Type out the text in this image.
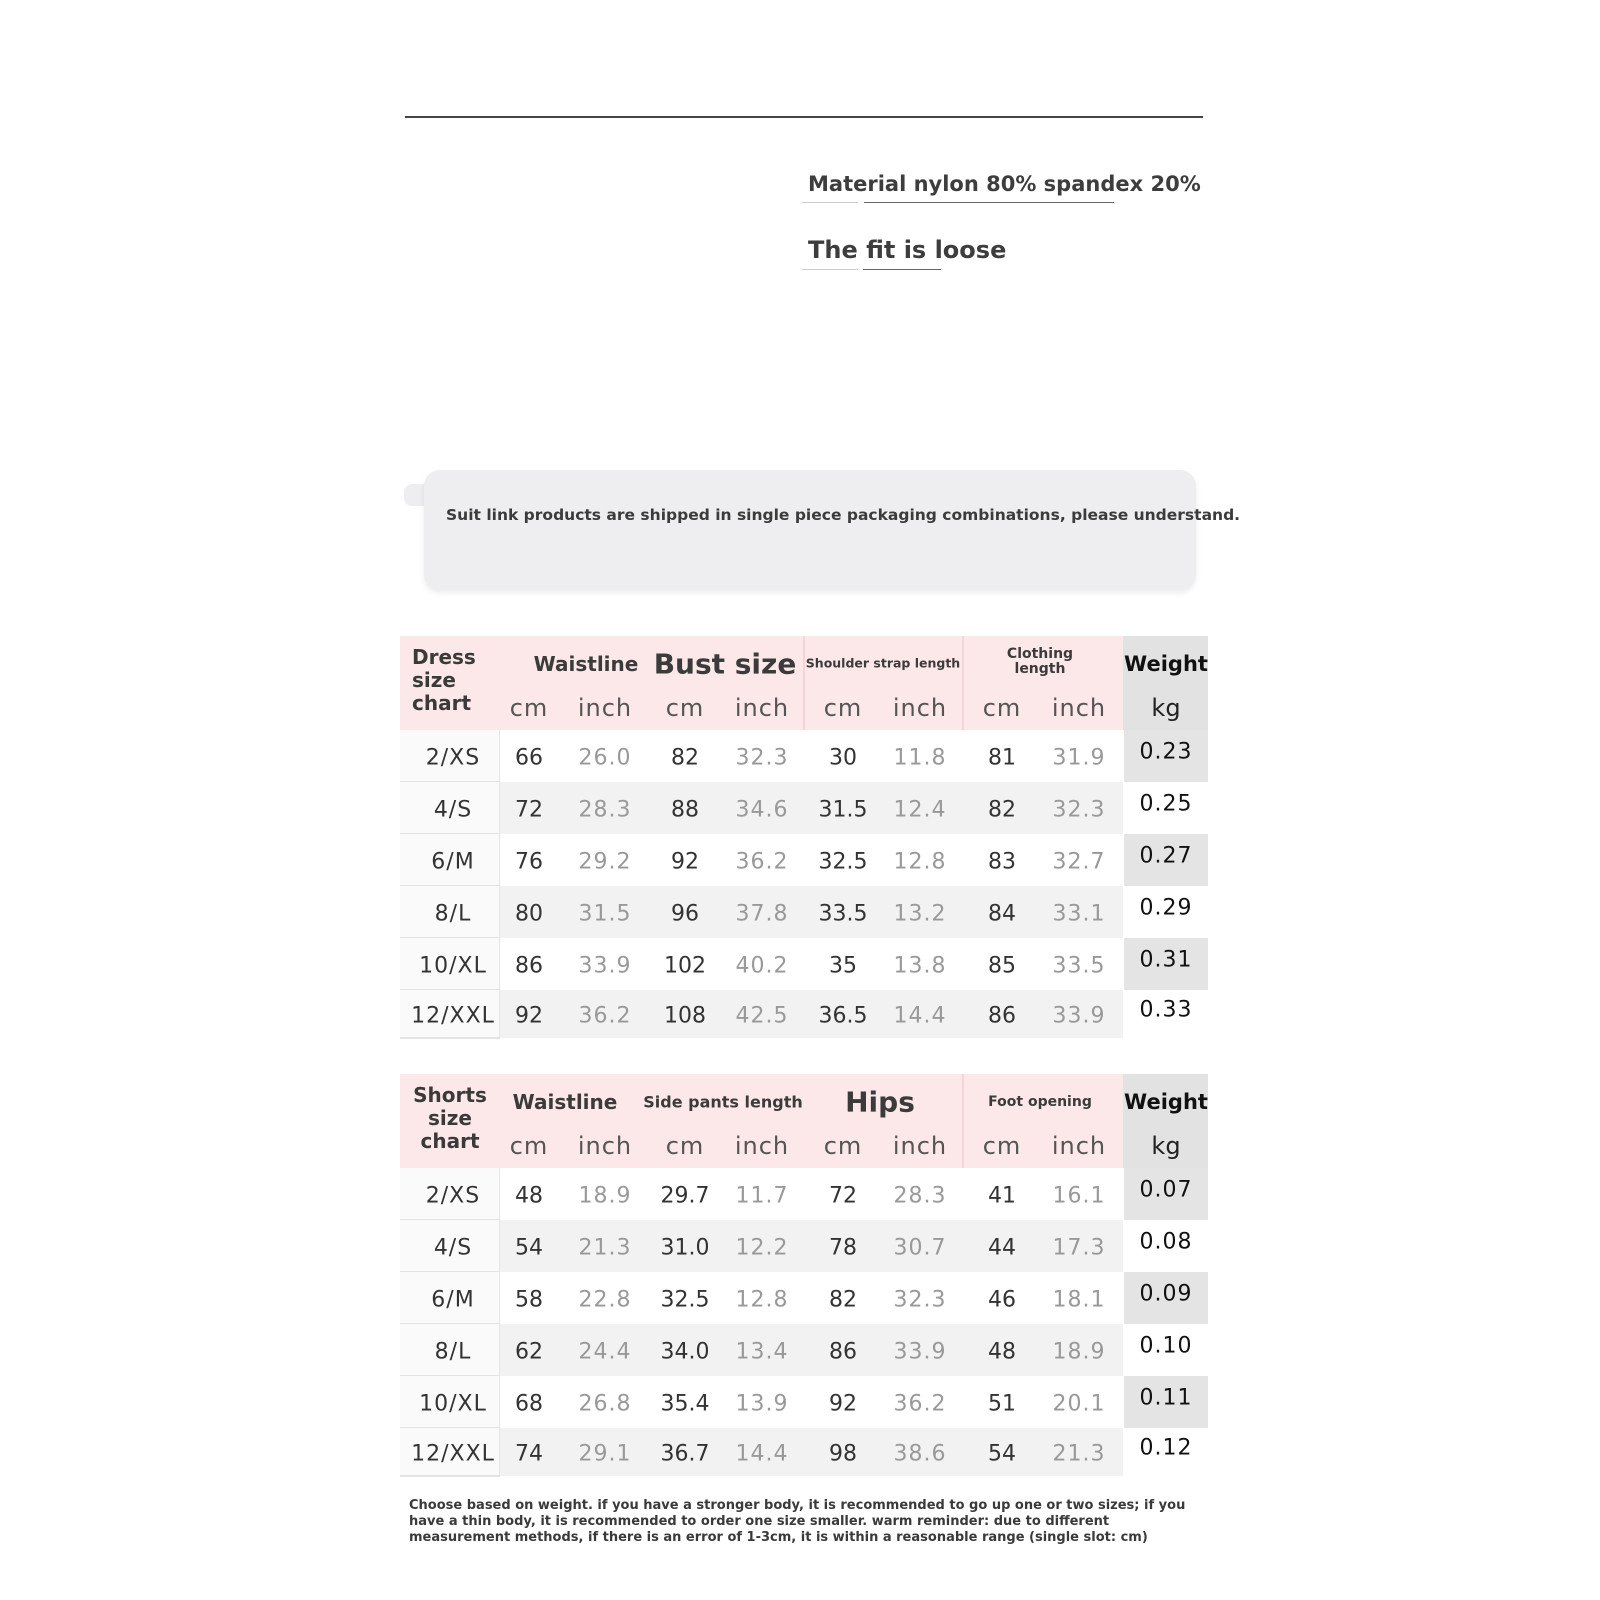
Material nylon 80% spandex 20%
The fit is loose
Suit link products are shipped in single piece packaging combinations, please understand.
Dress size chart
Waistline Bust size Shoulder strap length
Clothing length	Weight
cm inch cm inch cm inch cm inch kg
2/XS 66 26.0 82 32.3 30 11.8 81 31.9 0.23
4/S 72 28.3 88 34.6 31.5 12.4 82 32.3 0.25
6/M 76 29.2 92 36.2 32.5 12.8 83 32.7 0.27
8/L 80 31.5 96 37.8 33.5 13.2 84 33.1 0.29
10/XL 86 33.9 102 40.2 35 13.8 85 33.5 0.31
12/XXL 92 36.2 108 42.5 36.5 14.4 86 33.9 0.33
Shorts size chart
Waistline Side pants length Hips	Foot opening Weight
cm inch cm inch cm inch cm inch kg
2/XS 48 18.9 29.7 11.7 72 28.3 41 16.1 0.07
4/S 54 21.3 31.0 12.2 78 30.7 44 17.3 0.08
6/M 58 22.8 32.5 12.8 82 32.3 46 18.1 0.09
8/L 62 24.4 34.0 13.4 86 33.9 48 18.9 0.10
10/XL 68 26.8 35.4 13.9 92 36.2 51 20.1 0.11
12/XXL 74 29.1 36.7 14.4 98 38.6 54 21.3 0.12
Choose based on weight. if you have a stronger body, it is recommended to go up one or two sizes; if you have a thin body, it is recommended to order one size smaller. warm reminder: due to different measurement methods, if there is an error of 1-3cm, it is within a reasonable range (single slot: cm)
